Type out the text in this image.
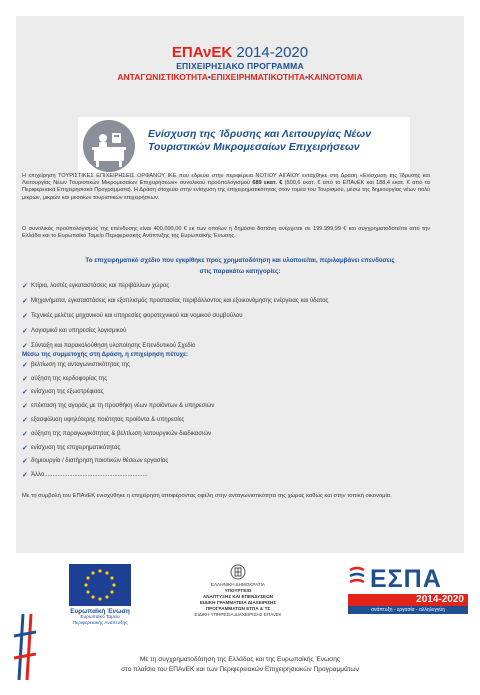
ΕΠΑνΕΚ 2014-2020
ΕΠΙΧΕΙΡΗΣΙΑΚΟ ΠΡΟΓΡΑΜΜΑ
ΑΝΤΑΓΩΝΙΣΤΙΚΟΤΗΤΑ•ΕΠΙΧΕΙΡΗΜΑΤΙΚΟΤΗΤΑ•ΚΑΙΝΟΤΟΜΙΑ
Ενίσχυση της Ίδρυσης και Λειτουργίας Νέων Τουριστικών Μικρομεσαίων Επιχειρήσεων

Η επιχείρηση ΤΟΥΡΙΣΤΙΚΕΣ ΕΠΙΧΕΙΡΗΣΕΙΣ ΟΡΦΑΝΟΥ ΙΚΕ που εδρεύει στην περιφέρεια ΝΟΤΙΟΥ ΑΙΓΑΙΟΥ εντάχθηκε στη Δράση «Ενίσχυση της Ίδρυσης και Λειτουργίας Νέων Τουριστικών Μικρομεσαίων Επιχειρήσεων» συνολικού προϋπολογισμού 689 εκατ. € (500,6 εκατ. € από το ΕΠΑνΕΚ και 188,4 εκατ. € από τα Περιφερειακά Επιχειρησιακά Προγράμματα). Η Δράση στοχεύει στην ενίσχυση της επιχειρηματικότητας στον τομέα του Τουρισμού, μέσω της δημιουργίας νέων πολύ μικρών, μικρών και μεσαίων τουριστικών επιχειρήσεων.

Ο συνολικός προϋπολογισμός της επένδυσης είναι 400.000,00 € εκ των οποίων η δημόσια δαπάνη ανέρχεται σε 199.999,99 € και συγχρηματοδοτείται από την Ελλάδα και το Ευρωπαϊκό Ταμείο Περιφερειακής Ανάπτυξης της Ευρωπαϊκής Ένωσης.

Το επιχειρηματικό σχέδιο που εγκρίθηκε προς χρηματοδότηση και υλοποιείται, περιλαμβάνει επενδύσεις
στις παρακάτω κατηγορίες:
✓ Κτίρια, λοιπές εγκαταστάσεις και περιβάλλων χώρος
✓ Μηχανήματα, εγκαταστάσεις και εξοπλισμός προστασίας περιβάλλοντος και εξοικονόμησης ενέργειας και ύδατος
✓ Τεχνικές μελέτες μηχανικού και υπηρεσίες φοροτεχνικού και νομικού συμβούλου
✓ Λογισμικό και υπηρεσίες λογισμικού
✓ Σύνταξη και παρακολούθηση υλοποίησης Επενδυτικού Σχεδίο
Μέσω της συμμετοχής στη Δράση, η επιχείρηση πέτυχε:
✓ βελτίωση της ανταγωνιστικότητας της
✓ αύξηση της κερδοφορίας της
✓ ενίσχυση της εξωστρέφειας
✓ επέκταση της αγοράς με τη προσθήκη νέων προϊόντων & υπηρεσιών
✓ εξασφάλιση υψηλότερης ποιότητας προϊόντα & υπηρεσίες
✓ αύξηση της παραγωγικότητας & βελτίωση λειτουργικών διαδικασιών
✓ ενίσχυση της επιχειρηματικότητας
✓ δημιουργία / διατήρηση ποιοτικών θέσεων εργασίας
✓ Άλλο..............................................................

Με τη συμβολή του ΕΠΑνΕΚ ενισχύθηκε η επιχείρηση αποφέροντας οφέλη στην ανταγωνιστικότητα της χώρας καθώς και στην τοπική οικονομία.

Ευρωπαϊκή Ένωση
Ευρωπαϊκό Ταμείο
Περιφερειακής Ανάπτυξης
ΕΛΛΗΝΙΚΗ ΔΗΜΟΚΡΑΤΙΑ
ΥΠΟΥΡΓΕΙΟ
ΑΝΑΠΤΥΞΗΣ ΚΑΙ ΕΠΕΝΔΥΣΕΩΝ
ΕΙΔΙΚΗ ΓΡΑΜΜΑΤΕΙΑ ΔΙΑΧΕΙΡΙΣΗΣ
ΠΡΟΓΡΑΜΜΑΤΩΝ ΕΤΠΑ & ΤΣ
ΕΙΔΙΚΗ ΥΠΗΡΕΣΙΑ ΔΙΑΧΕΙΡΙΣΗΣ ΕΠΑνΕΚ
ΕΣΠΑ
2014-2020
ανάπτυξη - εργασία - αλληλεγγύη
Με τη συγχρηματοδότηση της Ελλάδας και της Ευρωπαϊκής Ένωσης
στο πλαίσιο του ΕΠΑνΕΚ και των Περιφερειακών Επιχειρησιακών Προγραμμάτων
